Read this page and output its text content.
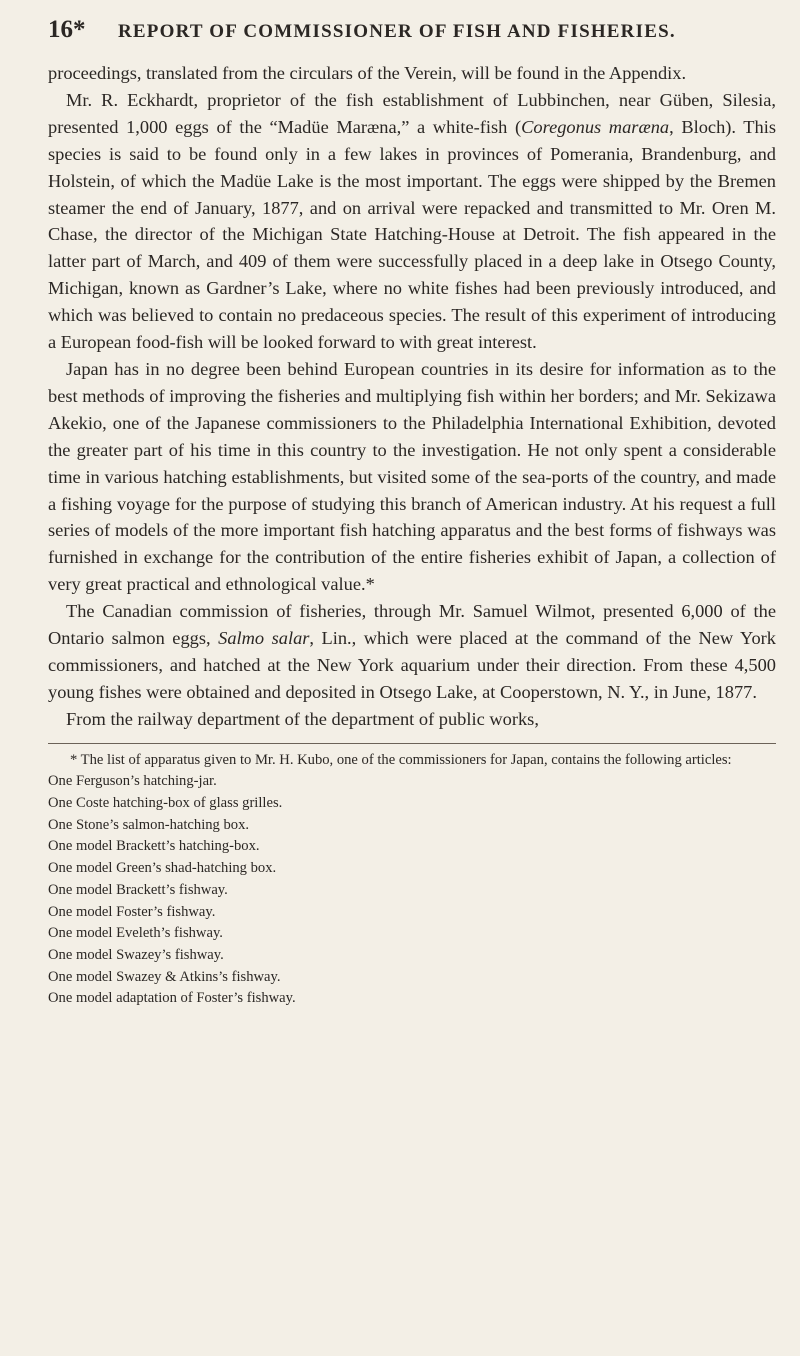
16*	REPORT OF COMMISSIONER OF FISH AND FISHERIES.

proceedings, translated from the circulars of the Verein, will be found in the Appendix.

Mr. R. Eckhardt, proprietor of the fish establishment of Lubbinchen, near Güben, Silesia, presented 1,000 eggs of the “Madüe Maræna,” a white-fish (Coregonus maræna, Bloch). This species is said to be found only in a few lakes in provinces of Pomerania, Brandenburg, and Holstein, of which the Madüe Lake is the most important. The eggs were shipped by the Bremen steamer the end of January, 1877, and on arrival were repacked and transmitted to Mr. Oren M. Chase, the director of the Michigan State Hatching-House at Detroit. The fish appeared in the latter part of March, and 409 of them were successfully placed in a deep lake in Otsego County, Michigan, known as Gardner’s Lake, where no white fishes had been previously introduced, and which was believed to contain no predaceous species. The result of this experiment of introducing a European food-fish will be looked forward to with great interest.

Japan has in no degree been behind European countries in its desire for information as to the best methods of improving the fisheries and multiplying fish within her borders; and Mr. Sekizawa Akekio, one of the Japanese commissioners to the Philadelphia International Exhibition, devoted the greater part of his time in this country to the investigation. He not only spent a considerable time in various hatching establishments, but visited some of the sea-ports of the country, and made a fishing voyage for the purpose of studying this branch of American industry. At his request a full series of models of the more important fish hatching apparatus and the best forms of fishways was furnished in exchange for the contribution of the entire fisheries exhibit of Japan, a collection of very great practical and ethnological value.*

The Canadian commission of fisheries, through Mr. Samuel Wilmot, presented 6,000 of the Ontario salmon eggs, Salmo salar, Lin., which were placed at the command of the New York commissioners, and hatched at the New York aquarium under their direction. From these 4,500 young fishes were obtained and deposited in Otsego Lake, at Cooperstown, N. Y., in June, 1877.

From the railway department of the department of public works,

* The list of apparatus given to Mr. H. Kubo, one of the commissioners for Japan, contains the following articles:

One Ferguson’s hatching-jar.
One Coste hatching-box of glass grilles.
One Stone’s salmon-hatching box.
One model Brackett’s hatching-box.
One model Green’s shad-hatching box.
One model Brackett’s fishway.
One model Foster’s fishway.
One model Eveleth’s fishway.
One model Swazey’s fishway.
One model Swazey & Atkins’s fishway.
One model adaptation of Foster’s fishway.
